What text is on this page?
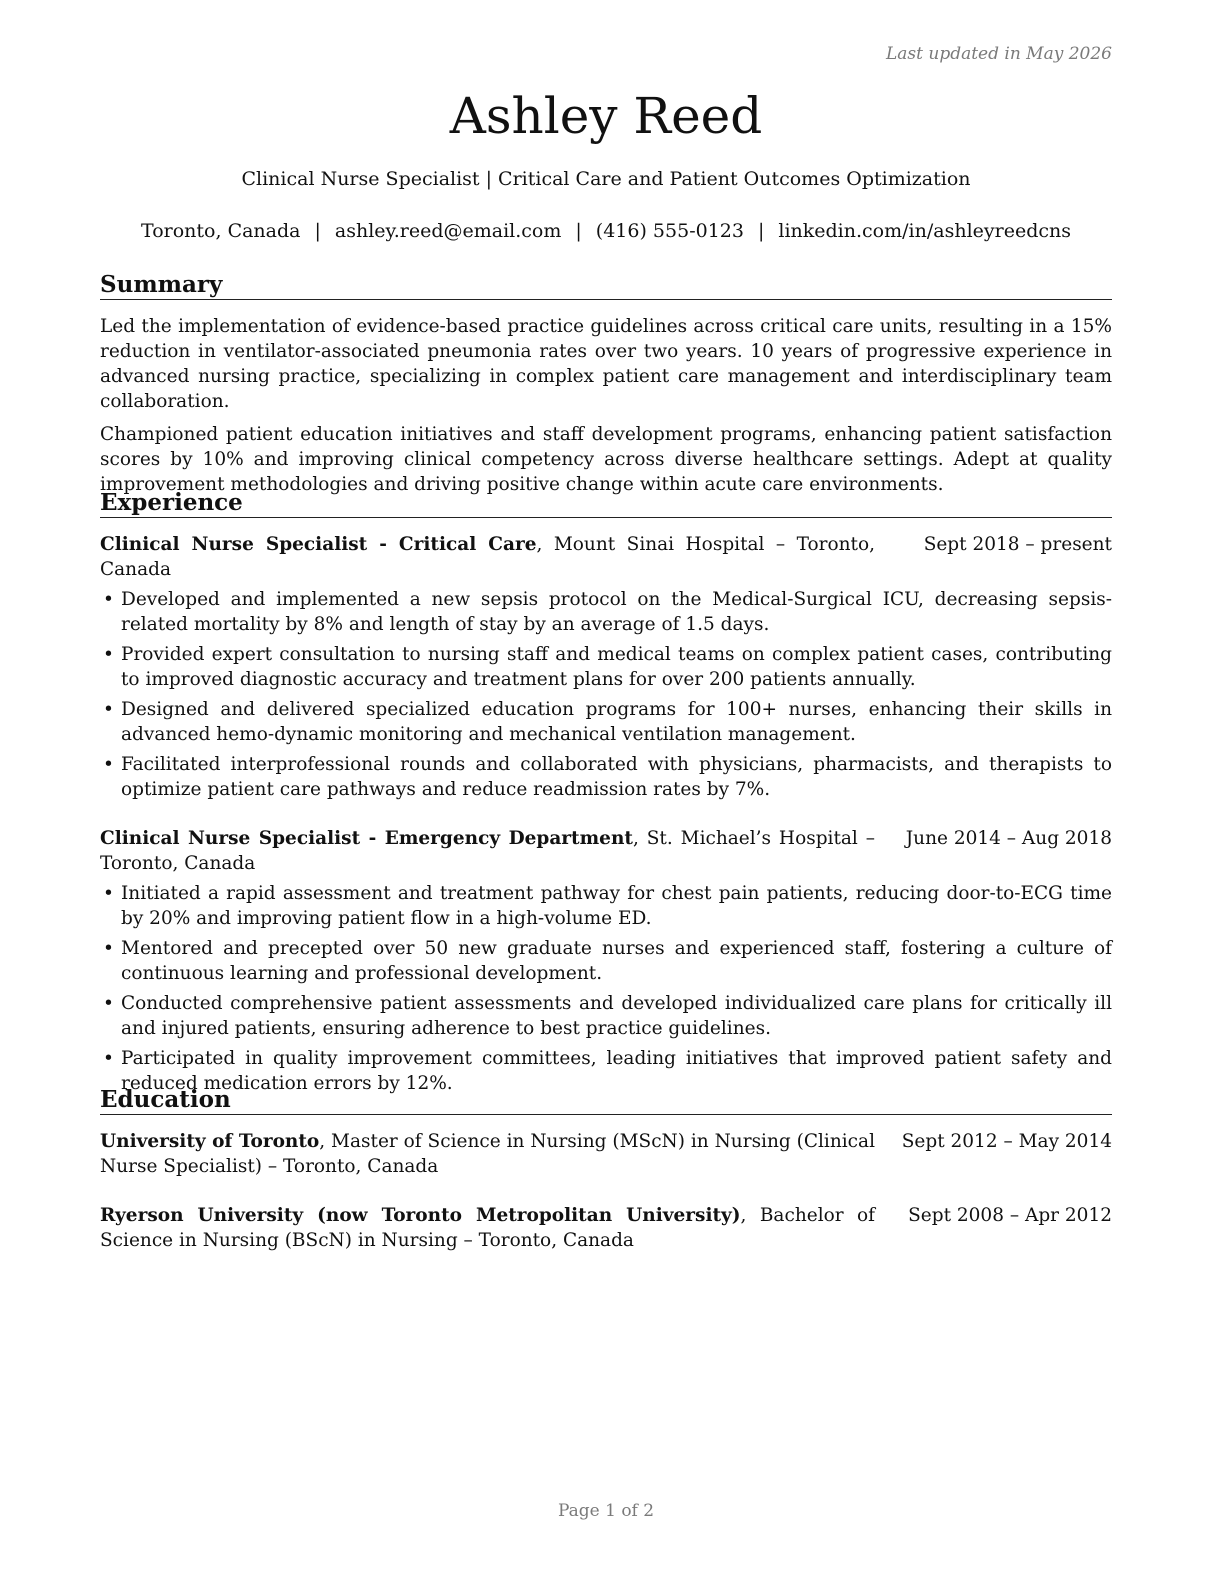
Last updated in May 2026
Ashley Reed
Clinical Nurse Specialist | Critical Care and Patient Outcomes Optimization
Toronto, Canada | ashley.reed@email.com | (416) 555-0123 | linkedin.com/in/ashleyreedcns
Summary

Led the implementation of evidence-based practice guidelines across critical care units, resulting in a 15% reduction in ventilator-associated pneumonia rates over two years. 10 years of progressive experience in advanced nursing practice, specializing in complex patient care management and interdisciplinary team collaboration.

Championed patient education initiatives and staff development programs, enhancing patient satisfaction scores by 10% and improving clinical competency across diverse healthcare settings. Adept at quality improvement methodologies and driving positive change within acute care environments.

Experience
Clinical Nurse Specialist - Critical Care, Mount Sinai Hospital – Toronto, Canada
Sept 2018 – present
• Developed and implemented a new sepsis protocol on the Medical-Surgical ICU, decreasing sepsis-related mortality by 8% and length of stay by an average of 1.5 days.
• Provided expert consultation to nursing staff and medical teams on complex patient cases, contributing to improved diagnostic accuracy and treatment plans for over 200 patients annually.
• Designed and delivered specialized education programs for 100+ nurses, enhancing their skills in advanced hemo-dynamic monitoring and mechanical ventilation management.
• Facilitated interprofessional rounds and collaborated with physicians, pharmacists, and therapists to optimize patient care pathways and reduce readmission rates by 7%.
Clinical Nurse Specialist - Emergency Department, St. Michael’s Hospital – Toronto, Canada
June 2014 – Aug 2018
• Initiated a rapid assessment and treatment pathway for chest pain patients, reducing door-to-ECG time by 20% and improving patient flow in a high-volume ED.
• Mentored and precepted over 50 new graduate nurses and experienced staff, fostering a culture of continuous learning and professional development.
• Conducted comprehensive patient assessments and developed individualized care plans for critically ill and injured patients, ensuring adherence to best practice guidelines.
• Participated in quality improvement committees, leading initiatives that improved patient safety and reduced medication errors by 12%.
Education
University of Toronto, Master of Science in Nursing (MScN) in Nursing (Clinical Nurse Specialist) – Toronto, Canada
Sept 2012 – May 2014
Ryerson University (now Toronto Metropolitan University), Bachelor of Science in Nursing (BScN) in Nursing – Toronto, Canada
Sept 2008 – Apr 2012
Page 1 of 2
